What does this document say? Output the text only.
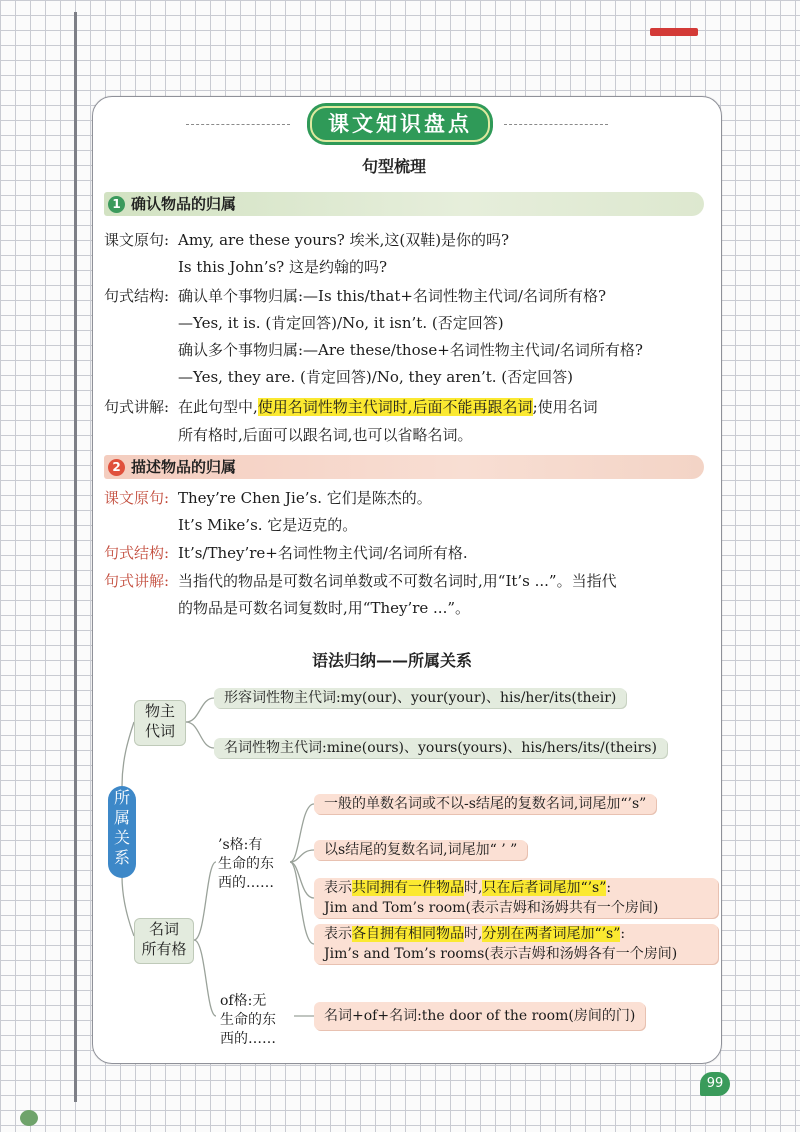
课文知识盘点
句型梳理
1 确认物品的归属
课文原句: Amy, are these yours? 埃米,这(双鞋)是你的吗?
Is this John’s? 这是约翰的吗?
句式结构: 确认单个事物归属:—Is this/that+名词性物主代词/名词所有格?
—Yes, it is. (肯定回答)/No, it isn’t. (否定回答)
确认多个事物归属:—Are these/those+名词性物主代词/名词所有格?
—Yes, they are. (肯定回答)/No, they aren’t. (否定回答)
句式讲解: 在此句型中,使用名词性物主代词时,后面不能再跟名词;使用名词
所有格时,后面可以跟名词,也可以省略名词。
2 描述物品的归属
课文原句: They’re Chen Jie’s. 它们是陈杰的。
It’s Mike’s. 它是迈克的。
句式结构: It’s/They’re+名词性物主代词/名词所有格.
句式讲解: 当指代的物品是可数名词单数或不可数名词时,用“It’s ...”。当指代
的物品是可数名词复数时,用“They’re ...”。
语法归纳——所属关系
所属关系
物主
代词
形容词性物主代词:my(our)、your(your)、his/her/its(their)
名词性物主代词:mine(ours)、yours(yours)、his/hers/its/(theirs)
名词
所有格
’s格:有
生命的东
西的……
一般的单数名词或不以-s结尾的复数名词,词尾加“’s”
以s结尾的复数名词,词尾加“ ’ ”
表示共同拥有一件物品时,只在后者词尾加“’s”:
Jim and Tom’s room(表示吉姆和汤姆共有一个房间)
表示各自拥有相同物品时,分别在两者词尾加“’s”:
Jim’s and Tom’s rooms(表示吉姆和汤姆各有一个房间)
of格:无
生命的东
西的……
名词+of+名词:the door of the room(房间的门)
99
